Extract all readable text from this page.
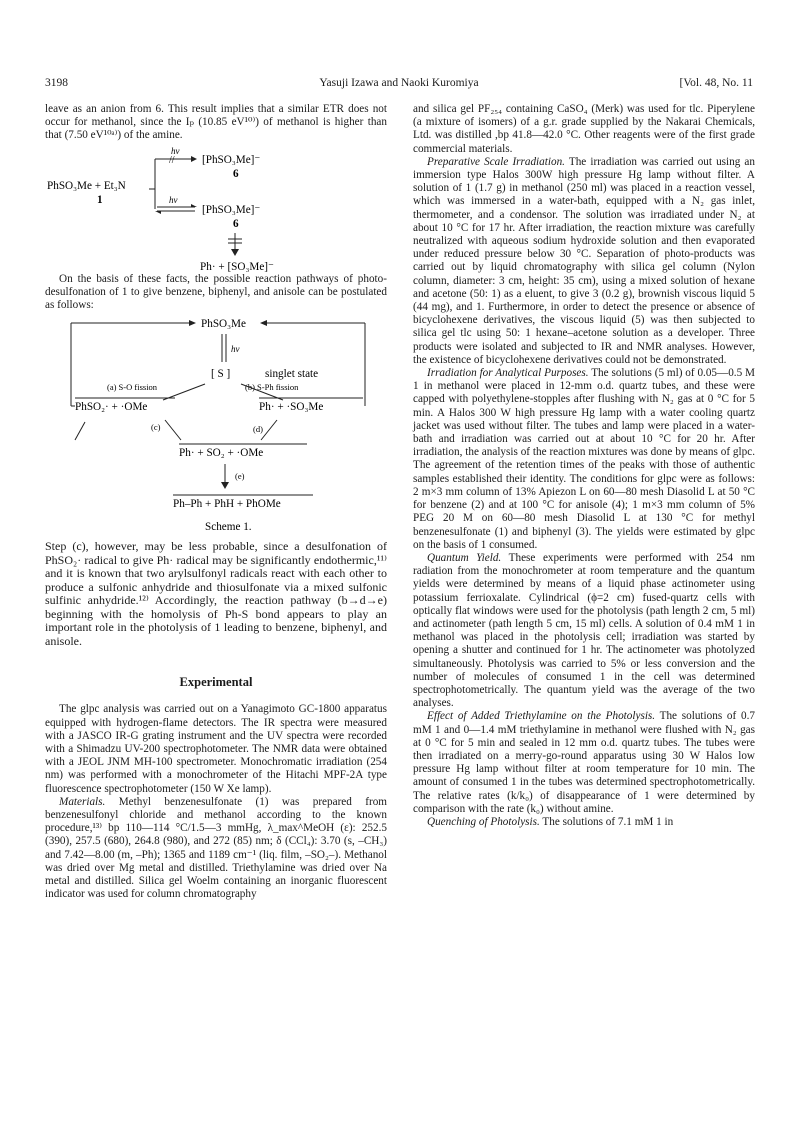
3198	Yasuji Izawa and Naoki Kuromiya	[Vol. 48, No. 11

leave as an anion from 6. This result implies that a similar ETR does not occur for methanol, since the Iₚ (10.85 eV¹⁰⁾) of methanol is higher than that (7.50 eV¹⁰ᵃ⁾) of the amine.

hν
// [PhSO₃Me]⁻
6
PhSO₃Me + Et₃N
1	hν
[PhSO₃Me]⁻
6
Ph· + [SO₃Me]⁻

On the basis of these facts, the possible reaction pathways of photo-desulfonation of 1 to give benzene, biphenyl, and anisole can be postulated as follows:

PhSO₃Me
hν
[ S ]	singlet state
(a) S-O fission	(b) S-Ph fission
PhSO₂· + ·OMe	Ph· + ·SO₃Me
(c)	(d)
Ph· + SO₂ + ·OMe
(e)
Ph–Ph + PhH + PhOMe
Scheme 1.

Step (c), however, may be less probable, since a desulfonation of PhSO₂· radical to give Ph· radical may be significantly endothermic,¹¹⁾ and it is known that two arylsulfonyl radicals react with each other to produce a sulfonic anhydride and thiosulfonate via a mixed sulfonic sulfinic anhydride.¹²⁾ Accordingly, the reaction pathway (b→d→e) beginning with the homolysis of Ph-S bond appears to play an important role in the photolysis of 1 leading to benzene, biphenyl, and anisole.

Experimental

The glpc analysis was carried out on a Yanagimoto GC-1800 apparatus equipped with hydrogen-flame detectors. The IR spectra were measured with a JASCO IR-G grating instrument and the UV spectra were recorded with a Shimadzu UV-200 spectrophotometer. The NMR data were obtained with a JEOL JNM MH-100 spectrometer. Monochromatic irradiation (254 nm) was performed with a monochrometer of the Hitachi MPF-2A type fluorescence spectrophotometer (150 W Xe lamp).

Materials. Methyl benzenesulfonate (1) was prepared from benzenesulfonyl chloride and methanol according to the known procedure,¹³⁾ bp 110—114 °C/1.5—3 mmHg, λ_max^MeOH (ε): 252.5 (390), 257.5 (680), 264.8 (980), and 272 (85) nm; δ (CCl₄): 3.70 (s, –CH₃) and 7.42—8.00 (m, –Ph); 1365 and 1189 cm⁻¹ (liq. film, –SO₂–). Methanol was dried over Mg metal and distilled. Triethylamine was dried over Na metal and distilled. Silica gel Woelm containing an inorganic fluorescent indicator was used for column chromatography

and silica gel PF₂₅₄ containing CaSO₄ (Merk) was used for tlc. Piperylene (a mixture of isomers) of a g.r. grade supplied by the Nakarai Chemicals, Ltd. was distilled ,bp 41.8—42.0 °C. Other reagents were of the first grade commercial materials.

Preparative Scale Irradiation. The irradiation was carried out using an immersion type Halos 300W high pressure Hg lamp without filter. A solution of 1 (1.7 g) in methanol (250 ml) was placed in a reaction vessel, which was immersed in a water-bath, equipped with a N₂ gas inlet, thermometer, and a condensor. The solution was irradiated under N₂ at about 10 °C for 17 hr. After irradiation, the reaction mixture was carefully neutralized with aqueous sodium hydroxide solution and then evaporated under reduced pressure below 30 °C. Separation of photo-products was carried out by liquid chromatography with silica gel column (Nylon column, diameter: 3 cm, height: 35 cm), using a mixed solution of hexane and acetone (50: 1) as a eluent, to give 3 (0.2 g), brownish viscous liquid 5 (44 mg), and 1. Furthermore, in order to detect the presence or absence of bicyclohexene derivatives, the viscous liquid (5) was then subjected to silica gel tlc using 50: 1 hexane–acetone solution as a developer. Three products were isolated and subjected to IR and NMR analyses. However, the existence of bicyclohexene derivatives could not be demonstrated.

Irradiation for Analytical Purposes. The solutions (5 ml) of 0.05—0.5 M 1 in methanol were placed in 12-mm o.d. quartz tubes, and these were capped with polyethylene-stopples after flushing with N₂ gas at 0 °C for 5 min. A Halos 300 W high pressure Hg lamp with a water cooling quartz jacket was used without filter. The tubes and lamp were placed in a water-bath and irradiation was carried out at about 10 °C for 20 hr. After irradiation, the analysis of the reaction mixtures was done by means of glpc. The agreement of the retention times of the peaks with those of authentic samples established their identity. The conditions for glpc were as follows: 2 m×3 mm column of 13% Apiezon L on 60—80 mesh Diasolid L at 50 °C for benzene (2) and at 100 °C for anisole (4); 1 m×3 mm column of 5% PEG 20 M on 60—80 mesh Diasolid L at 130 °C for methyl benzenesulfonate (1) and biphenyl (3). The yields were estimated by glpc on the basis of 1 consumed.

Quantum Yield. These experiments were performed with 254 nm radiation from the monochrometer at room temperature and the quantum yields were determined by means of a liquid phase actinometer using potassium ferrioxalate. Cylindrical (ϕ=2 cm) fused-quartz cells with optically flat windows were used for the photolysis (path length 2 cm, 5 ml) and actinometer (path length 5 cm, 15 ml) cells. A solution of 0.4 mM 1 in methanol was placed in the photolysis cell; irradiation was started by opening a shutter and continued for 1 hr. The actinometer was photolyzed simultaneously. Photolysis was carried to 5% or less conversion and the number of molecules of consumed 1 in the cell was determined spectrophotometrically. The quantum yield was the average of the two analyses.

Effect of Added Triethylamine on the Photolysis. The solutions of 0.7 mM 1 and 0—1.4 mM triethylamine in methanol were flushed with N₂ gas at 0 °C for 5 min and sealed in 12 mm o.d. quartz tubes. The tubes were then irradiated on a merry-go-round apparatus using 30 W Halos low pressure Hg lamp without filter at room temperature for 10 min. The amount of consumed 1 in the tubes was determined spectrophotometrically. The relative rates (k/k₀) of disappearance of 1 were determined by comparison with the rate (k₀) without amine.

Quenching of Photolysis. The solutions of 7.1 mM 1 in
